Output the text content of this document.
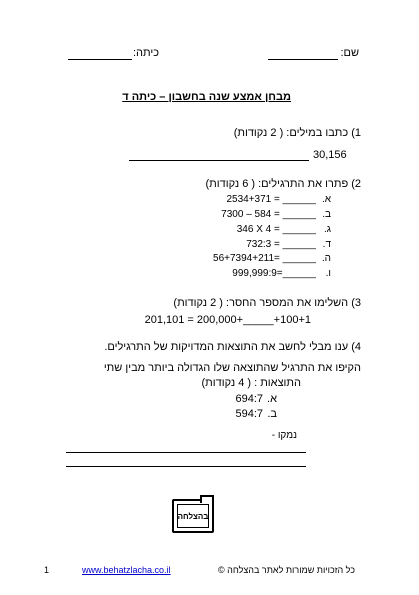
שם:
כיתה:
מבחן אמצע שנה בחשבון – כיתה ד
1) כתבו במילים: ( 2 נקודות)
30,156
2) פתרו את התרגילים: ( 6 נקודות)
א.
2534+371 = ______
ב.
7300 – 584 = ______
ג.
346 X 4 = ______
ד.
732:3 = ______
ה.
56+7394+211= ______
ו.
999,999:9=______
3) השלימו את המספר החסר: ( 2 נקודות)
201,101 = 200,000+_____+100+1
4) ענו מבלי לחשב את התוצאות המדויקות של התרגילים.
הקיפו את התרגיל שהתוצאה שלו הגדולה ביותר מבין שתי
התוצאות : ( 4 נקודות)
א.
694:7
ב.
594:7
נמקו -
בהצלחה
1	www.behatzlacha.co.il	כל הזכויות שמורות לאתר בהצלחה ©
